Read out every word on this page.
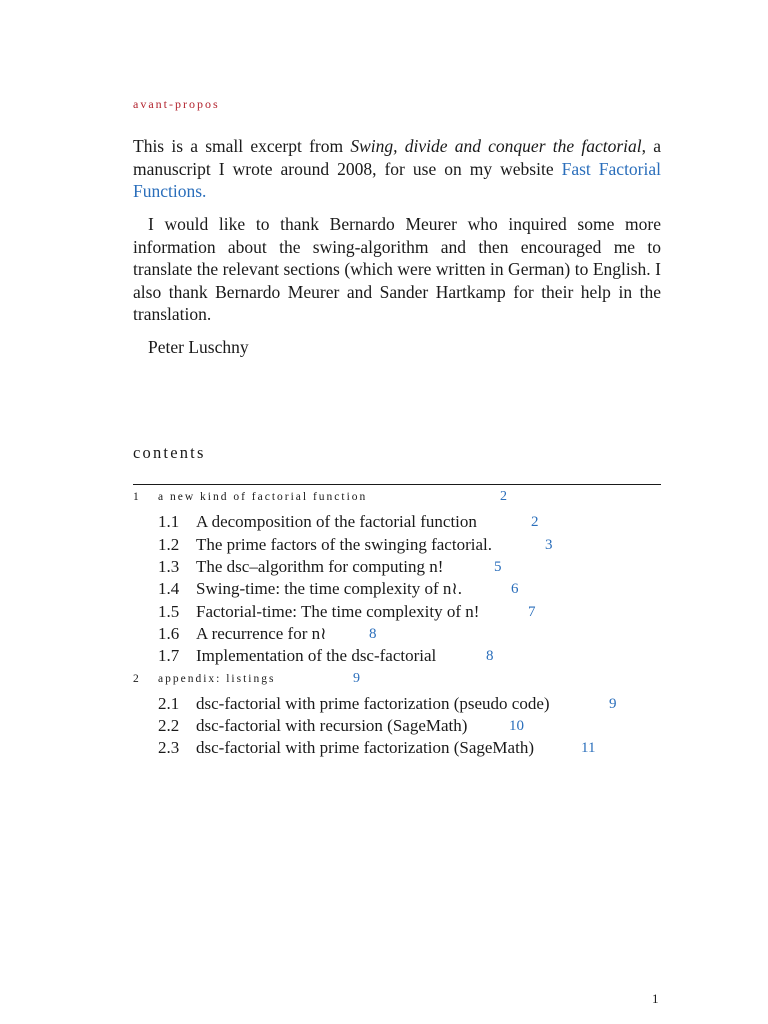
avant-propos
This is a small excerpt from Swing, divide and conquer the factorial, a manuscript I wrote around 2008, for use on my website Fast Factorial Functions.
I would like to thank Bernardo Meurer who inquired some more information about the swing-algorithm and then encouraged me to translate the relevant sections (which were written in German) to English. I also thank Bernardo Meurer and Sander Hartkamp for their help in the translation.
Peter Luschny
contents
1 a new kind of factorial function	2
1.1 A decomposition of the factorial function	2
1.2 The prime factors of the swinging factorial.	3
1.3 The dsc–algorithm for computing n!	5
1.4 Swing-time: the time complexity of n≀.	6
1.5 Factorial-time: The time complexity of n!	7
1.6 A recurrence for n≀	8
1.7 Implementation of the dsc-factorial	8
2 appendix: listings	9
2.1 dsc-factorial with prime factorization (pseudo code)	9
2.2 dsc-factorial with recursion (SageMath)	10
2.3 dsc-factorial with prime factorization (SageMath)	11
1
